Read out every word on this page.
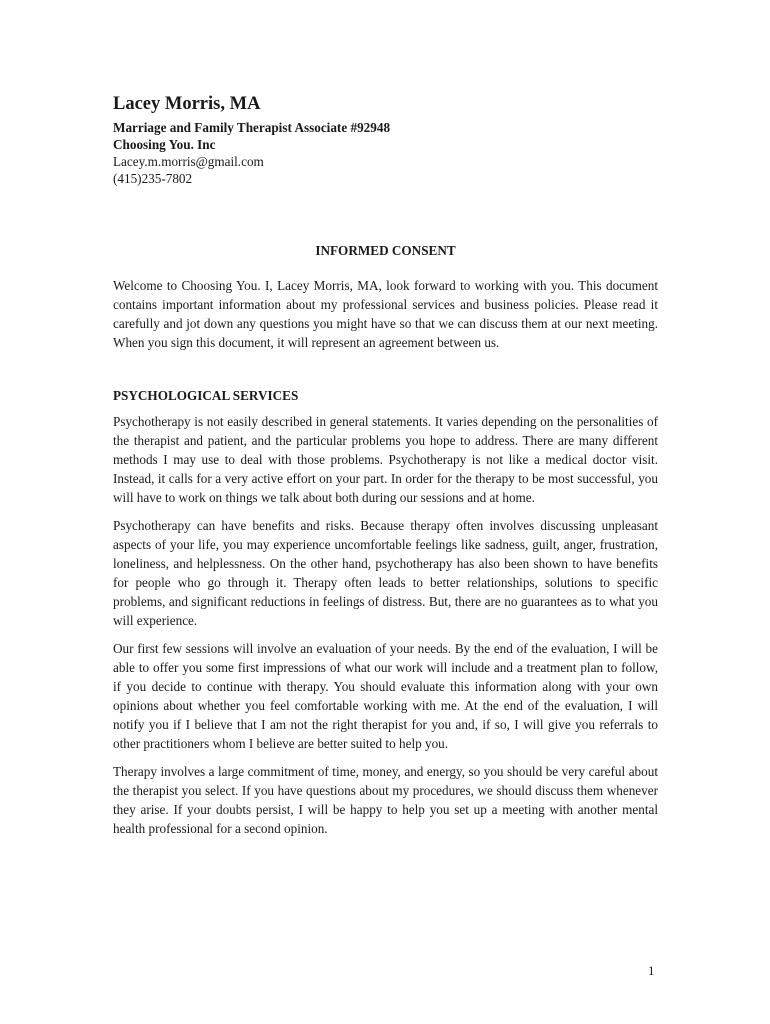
Lacey Morris, MA
Marriage and Family Therapist Associate #92948
Choosing You. Inc
Lacey.m.morris@gmail.com
(415)235-7802
INFORMED CONSENT

Welcome to Choosing You. I, Lacey Morris, MA, look forward to working with you. This document contains important information about my professional services and business policies. Please read it carefully and jot down any questions you might have so that we can discuss them at our next meeting. When you sign this document, it will represent an agreement between us.

PSYCHOLOGICAL SERVICES

Psychotherapy is not easily described in general statements. It varies depending on the personalities of the therapist and patient, and the particular problems you hope to address. There are many different methods I may use to deal with those problems. Psychotherapy is not like a medical doctor visit. Instead, it calls for a very active effort on your part. In order for the therapy to be most successful, you will have to work on things we talk about both during our sessions and at home.

Psychotherapy can have benefits and risks. Because therapy often involves discussing unpleasant aspects of your life, you may experience uncomfortable feelings like sadness, guilt, anger, frustration, loneliness, and helplessness. On the other hand, psychotherapy has also been shown to have benefits for people who go through it. Therapy often leads to better relationships, solutions to specific problems, and significant reductions in feelings of distress. But, there are no guarantees as to what you will experience.

Our first few sessions will involve an evaluation of your needs. By the end of the evaluation, I will be able to offer you some first impressions of what our work will include and a treatment plan to follow, if you decide to continue with therapy. You should evaluate this information along with your own opinions about whether you feel comfortable working with me. At the end of the evaluation, I will notify you if I believe that I am not the right therapist for you and, if so, I will give you referrals to other practitioners whom I believe are better suited to help you.

Therapy involves a large commitment of time, money, and energy, so you should be very careful about the therapist you select. If you have questions about my procedures, we should discuss them whenever they arise. If your doubts persist, I will be happy to help you set up a meeting with another mental health professional for a second opinion.

1
